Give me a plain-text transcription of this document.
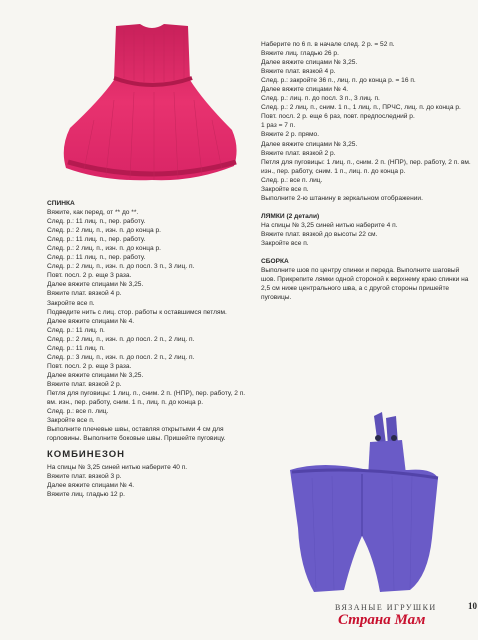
СПИНКА
Вяжите, как перед, от ** до **.
След. р.: 11 лиц. п., пер. работу.
След. р.: 2 лиц. п., изн. п. до конца р.
След. р.: 11 лиц. п., пер. работу.
След. р.: 2 лиц. п., изн. п. до конца р.
След. р.: 11 лиц. п., пер. работу.
След. р.: 2 лиц. п., изн. п. до посл. 3 п., 3 лиц. п.
Повт. посл. 2 р. еще 3 раза.
Далее вяжите спицами № 3,25.
Вяжите плат. вязкой 4 р.
Закройте все п.
Подведите нить с лиц. стор. работы к оставшимся петлям.
Далее вяжите спицами № 4.
След. р.: 11 лиц. п.
След. р.: 2 лиц. п., изн. п. до посл. 2 п., 2 лиц. п.
След. р.: 11 лиц. п.
След. р.: 3 лиц. п., изн. п. до посл. 2 п., 2 лиц. п.
Повт. посл. 2 р. еще 3 раза.
Далее вяжите спицами № 3,25.
Вяжите плат. вязкой 2 р.
Петля для пуговицы: 1 лиц. п., сним. 2 п. (НПР), пер. работу, 2 п. вм. изн., пер. работу, сним. 1 п., лиц. п. до конца р.
След. р.: все п. лиц.
Закройте все п.
Выполните плечевые швы, оставляя открытыми 4 см для горловины. Выполните боковые швы. Пришейте пуговицу.
КОМБИНЕЗОН
На спицы № 3,25 синей нитью наберите 40 п.
Вяжите плат. вязкой 3 р.
Далее вяжите спицами № 4.
Вяжите лиц. гладью 12 р.
Наберите по 6 п. в начале след. 2 р. = 52 п.
Вяжите лиц. гладью 26 р.
Далее вяжите спицами № 3,25.
Вяжите плат. вязкой 4 р.
След. р.: закройте 36 п., лиц. п. до конца р. = 16 п.
Далее вяжите спицами № 4.
След. р.: лиц. п. до посл. 3 п., 3 лиц. п.
След. р.: 2 лиц. п., сним. 1 п., 1 лиц. п., ПРЧС, лиц. п. до конца р.
Повт. посл. 2 р. еще 6 раз, повт. предпоследний р.
1 раз = 7 п.
Вяжите 2 р. прямо.
Далее вяжите спицами № 3,25.
Вяжите плат. вязкой 2 р.
Петля для пуговицы: 1 лиц. п., сним. 2 п. (НПР), пер. работу, 2 п. вм. изн., пер. работу, сним. 1 п., лиц. п. до конца р.
След. р.: все п. лиц.
Закройте все п.
Выполните 2-ю штанину в зеркальном отображении.
ЛЯМКИ (2 детали)
На спицы № 3,25 синей нитью наберите 4 п.
Вяжите плат. вязкой до высоты 22 см.
Закройте все п.
СБОРКА
Выполните шов по центру спинки и переда. Выполните шаговый шов. Прикрепите лямки одной стороной к верхнему краю спинки на 2,5 см ниже центрального шва, а с другой стороны пришейте пуговицы.
ВЯЗАНЫЕ ИГРУШКИ	10
Страна Мам
